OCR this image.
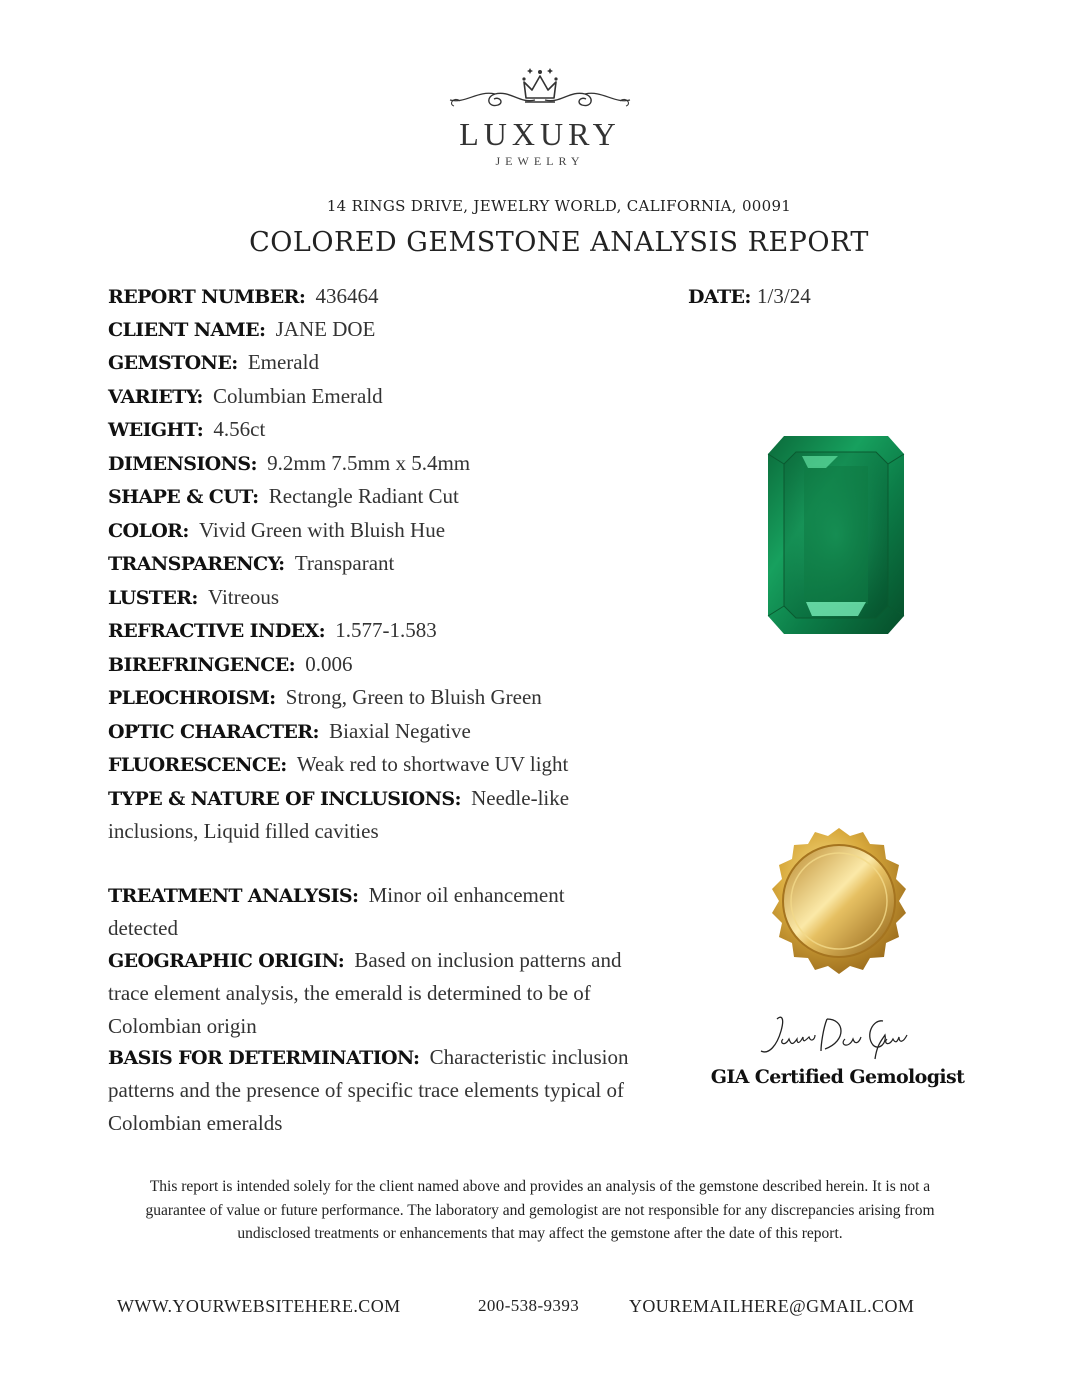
LUXURY
JEWELRY
14 RINGS DRIVE, JEWELRY WORLD, CALIFORNIA, 00091
COLORED GEMSTONE ANALYSIS REPORT
REPORT NUMBER: 436464	DATE: 1/3/24
CLIENT NAME: JANE DOE
GEMSTONE: Emerald
VARIETY: Columbian Emerald
WEIGHT: 4.56ct
DIMENSIONS: 9.2mm 7.5mm x 5.4mm
SHAPE & CUT: Rectangle Radiant Cut
COLOR: Vivid Green with Bluish Hue
TRANSPARENCY: Transparant
LUSTER: Vitreous
REFRACTIVE INDEX: 1.577-1.583
BIREFRINGENCE: 0.006
PLEOCHROISM: Strong, Green to Bluish Green
OPTIC CHARACTER: Biaxial Negative
FLUORESCENCE: Weak red to shortwave UV light
TYPE & NATURE OF INCLUSIONS: Needle-like inclusions, Liquid filled cavities
TREATMENT ANALYSIS: Minor oil enhancement detected
GEOGRAPHIC ORIGIN: Based on inclusion patterns and trace element analysis, the emerald is determined to be of Colombian origin
BASIS FOR DETERMINATION: Characteristic inclusion patterns and the presence of specific trace elements typical of Colombian emeralds
GIA Certified Gemologist
This report is intended solely for the client named above and provides an analysis of the gemstone described herein. It is not a guarantee of value or future performance. The laboratory and gemologist are not responsible for any discrepancies arising from undisclosed treatments or enhancements that may affect the gemstone after the date of this report.
WWW.YOURWEBSITEHERE.COM	200-538-9393	YOUREMAILHERE@GMAIL.COM
